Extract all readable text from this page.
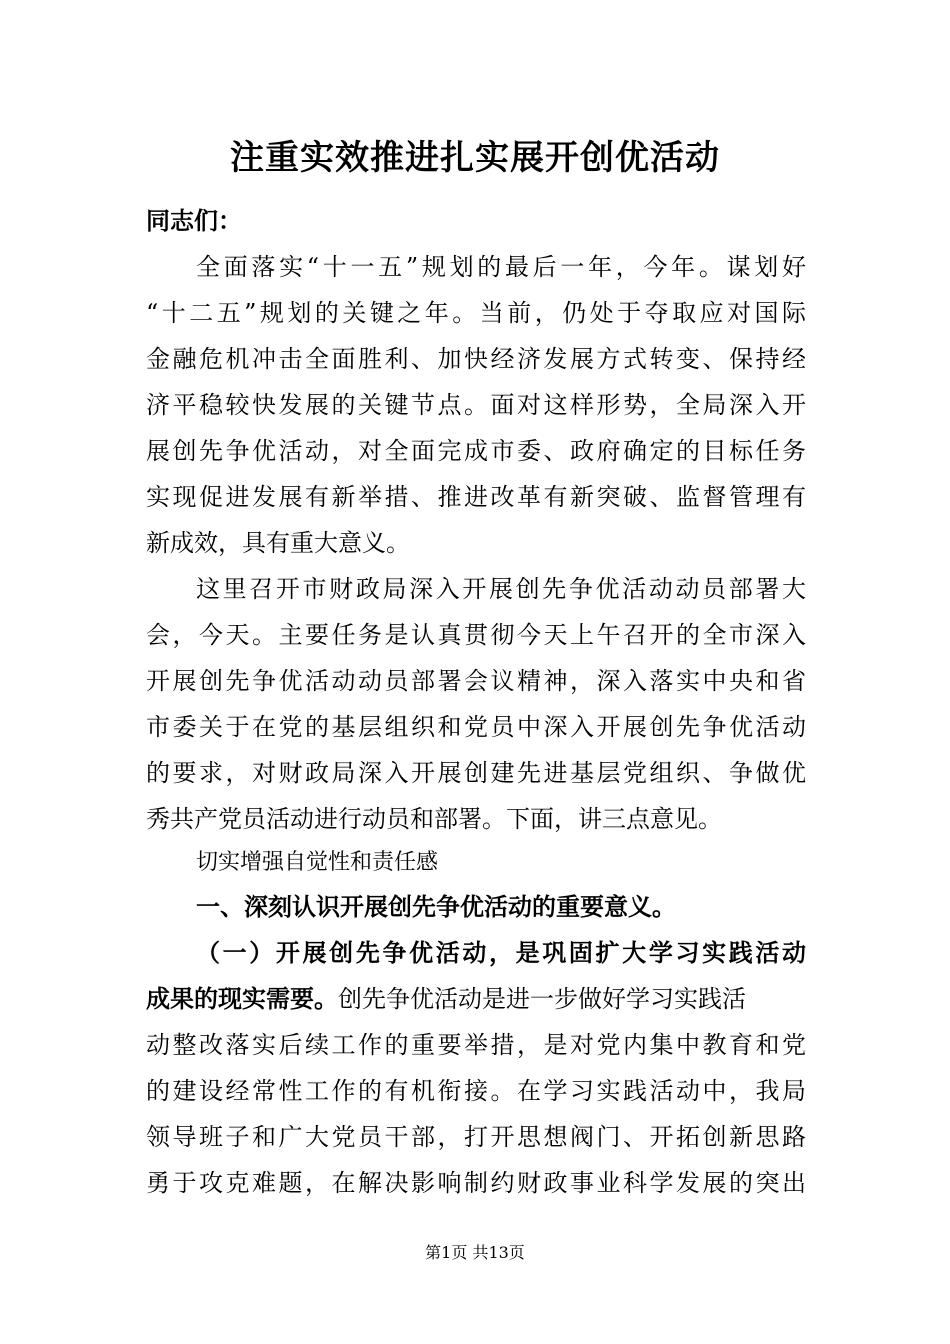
注重实效推进扎实展开创优活动
同志们：
全面落实“十一五”规划的最后一年，今年。谋划好
“十二五”规划的关键之年。当前，仍处于夺取应对国际
金融危机冲击全面胜利、加快经济发展方式转变、保持经
济平稳较快发展的关键节点。面对这样形势，全局深入开
展创先争优活动，对全面完成市委、政府确定的目标任务
实现促进发展有新举措、推进改革有新突破、监督管理有
新成效，具有重大意义。
这里召开市财政局深入开展创先争优活动动员部署大
会，今天。主要任务是认真贯彻今天上午召开的全市深入
开展创先争优活动动员部署会议精神，深入落实中央和省
市委关于在党的基层组织和党员中深入开展创先争优活动
的要求，对财政局深入开展创建先进基层党组织、争做优
秀共产党员活动进行动员和部署。下面，讲三点意见。
切实增强自觉性和责任感
一、深刻认识开展创先争优活动的重要意义。
（一）开展创先争优活动，是巩固扩大学习实践活动
成果的现实需要。创先争优活动是进一步做好学习实践活
动整改落实后续工作的重要举措，是对党内集中教育和党
的建设经常性工作的有机衔接。在学习实践活动中，我局
领导班子和广大党员干部，打开思想阀门、开拓创新思路
勇于攻克难题，在解决影响制约财政事业科学发展的突出
第1页 共13页
